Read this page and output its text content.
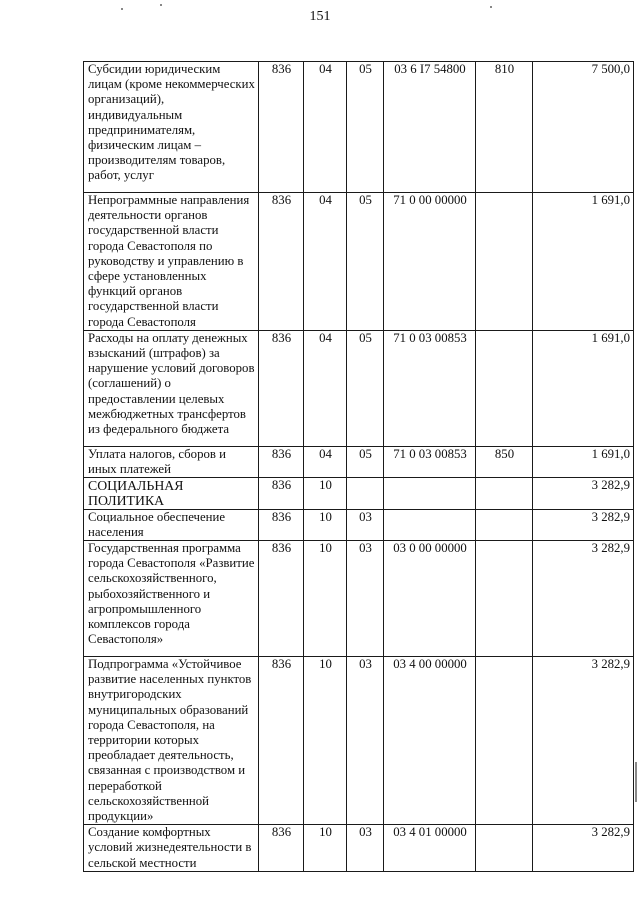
151
Субсидии юридическим лицам (кроме некоммерческих организаций), индивидуальным предпринимателям, физическим лицам – производителям товаров, работ, услуг	836	04	05	03 6 I7 54800	810	7 500,0
Непрограммные направления деятельности органов государственной власти города Севастополя по руководству и управлению в сфере установленных функций органов государственной власти города Севастополя	836	04	05	71 0 00 00000		1 691,0
Расходы на оплату денежных взысканий (штрафов) за нарушение условий договоров (соглашений) о предоставлении целевых межбюджетных трансфертов из федерального бюджета	836	04	05	71 0 03 00853		1 691,0
Уплата налогов, сборов и иных платежей	836	04	05	71 0 03 00853	850	1 691,0
СОЦИАЛЬНАЯ ПОЛИТИКА	836	10				3 282,9
Социальное обеспечение населения	836	10	03			3 282,9
Государственная программа города Севастополя «Развитие сельскохозяйственного, рыбохозяйственного и агропромышленного комплексов города Севастополя»	836	10	03	03 0 00 00000		3 282,9
Подпрограмма «Устойчивое развитие населенных пунктов внутригородских муниципальных образований города Севастополя, на территории которых преобладает деятельность, связанная с производством и переработкой сельскохозяйственной продукции»	836	10	03	03 4 00 00000		3 282,9
Создание комфортных условий жизнедеятельности в сельской местности	836	10	03	03 4 01 00000		3 282,9
